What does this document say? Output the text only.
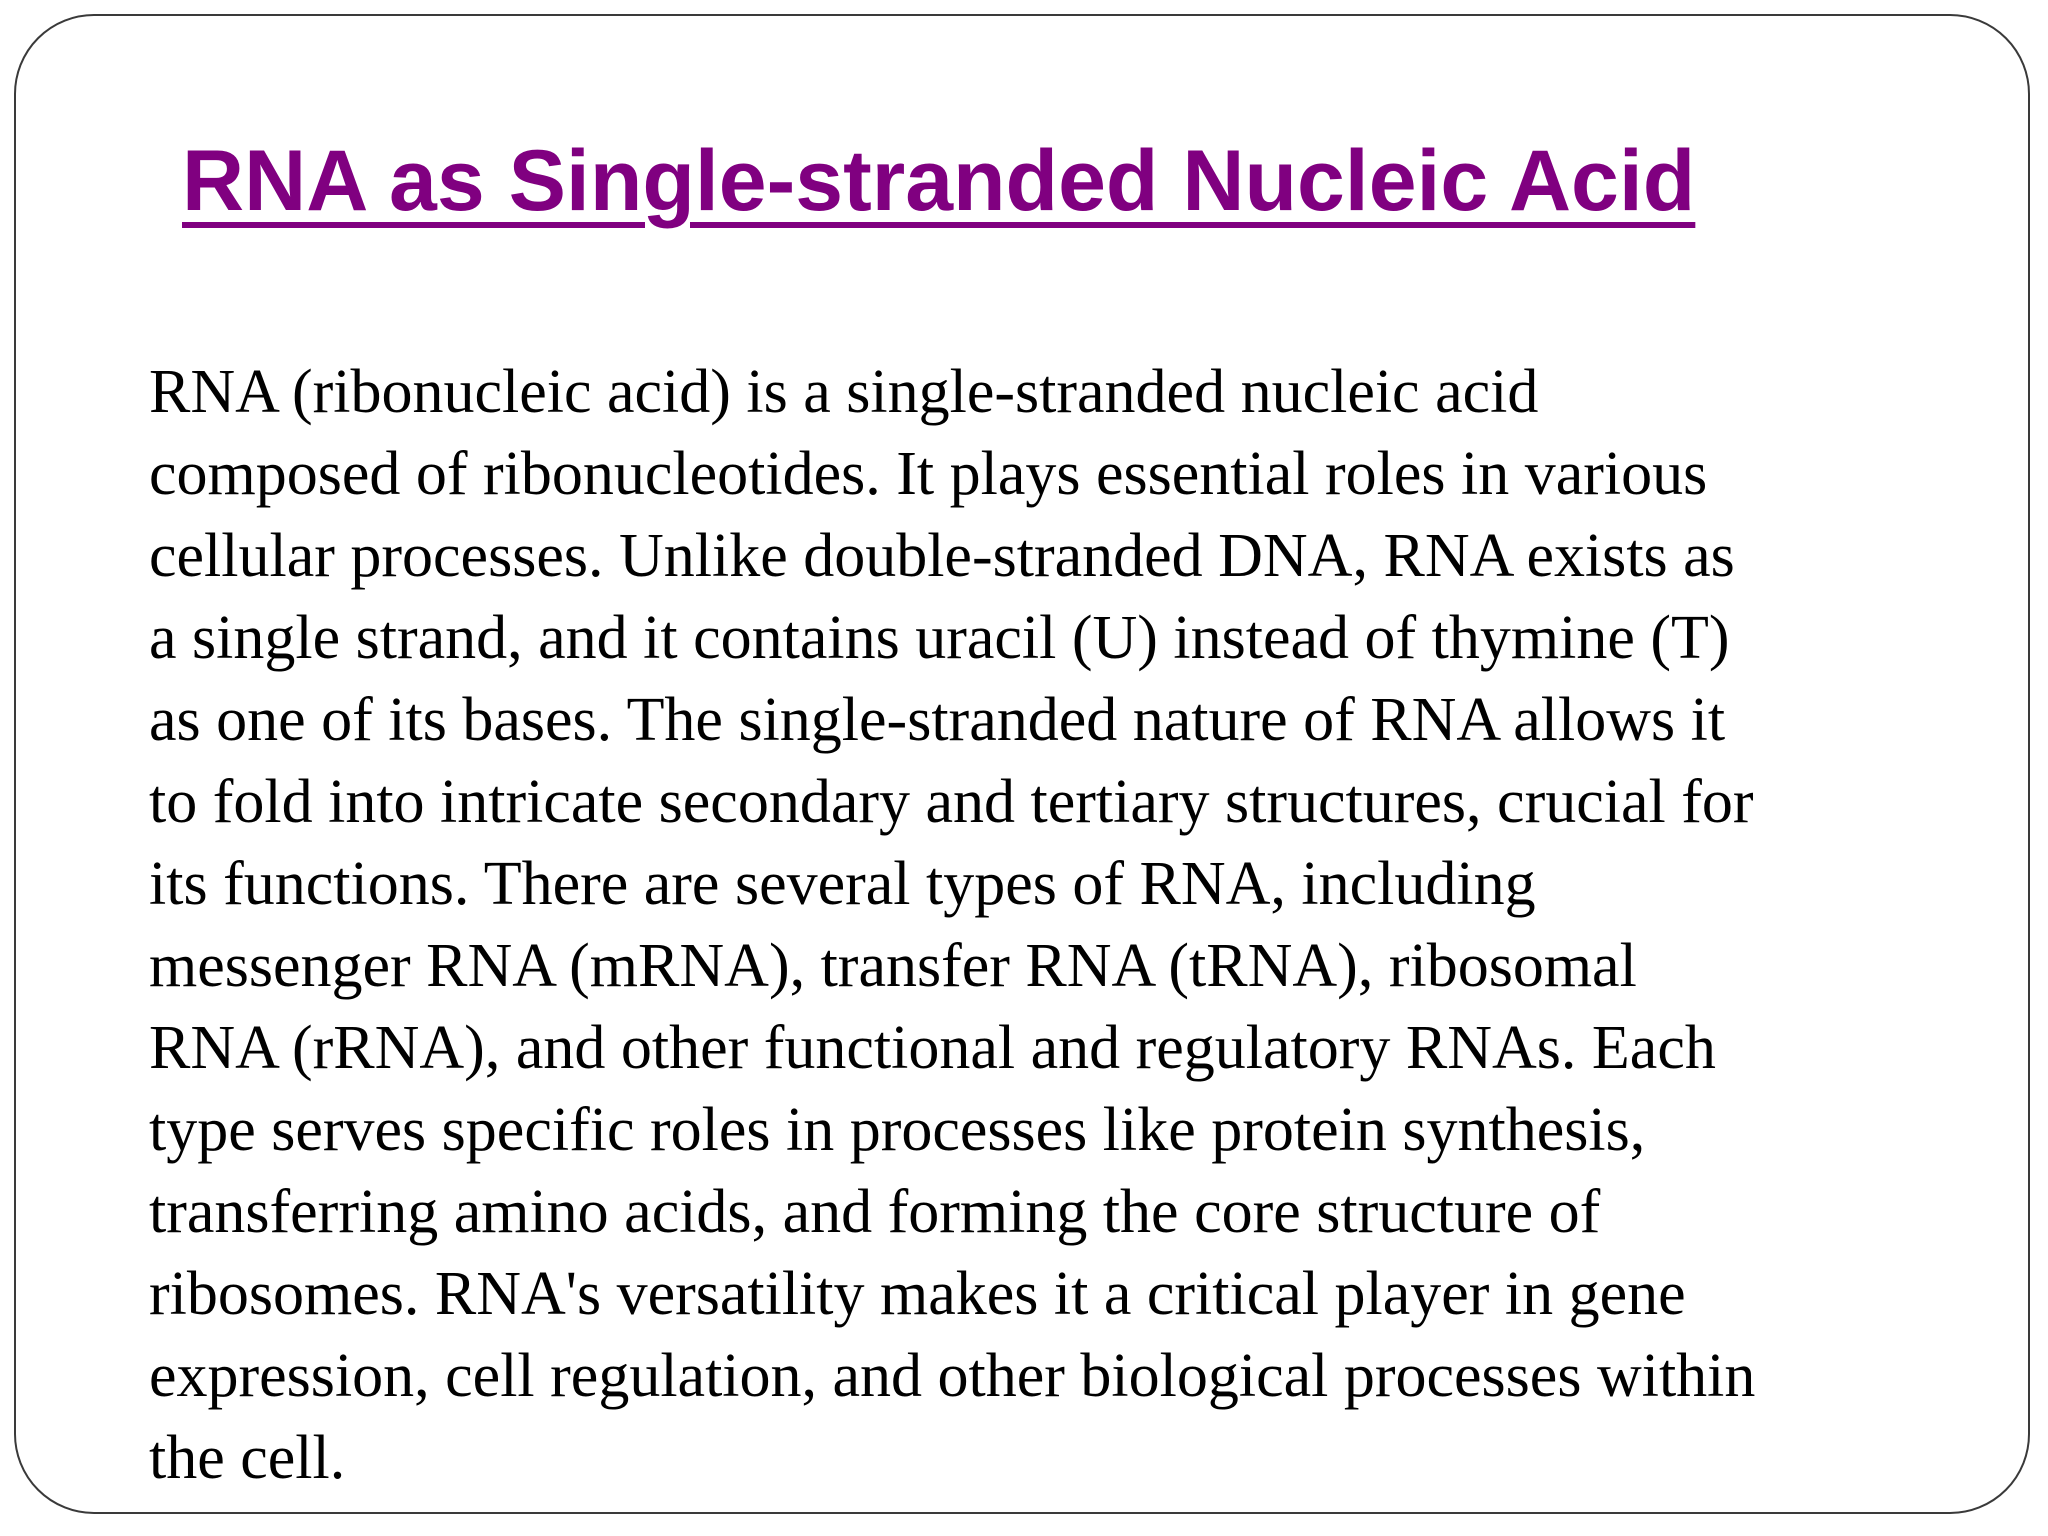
RNA as Single-stranded Nucleic Acid
RNA (ribonucleic acid) is a single-stranded nucleic acid
composed of ribonucleotides. It plays essential roles in various
cellular processes. Unlike double-stranded DNA, RNA exists as
a single strand, and it contains uracil (U) instead of thymine (T)
as one of its bases. The single-stranded nature of RNA allows it
to fold into intricate secondary and tertiary structures, crucial for
its functions. There are several types of RNA, including
messenger RNA (mRNA), transfer RNA (tRNA), ribosomal
RNA (rRNA), and other functional and regulatory RNAs. Each
type serves specific roles in processes like protein synthesis,
transferring amino acids, and forming the core structure of
ribosomes. RNA's versatility makes it a critical player in gene
expression, cell regulation, and other biological processes within
the cell.
